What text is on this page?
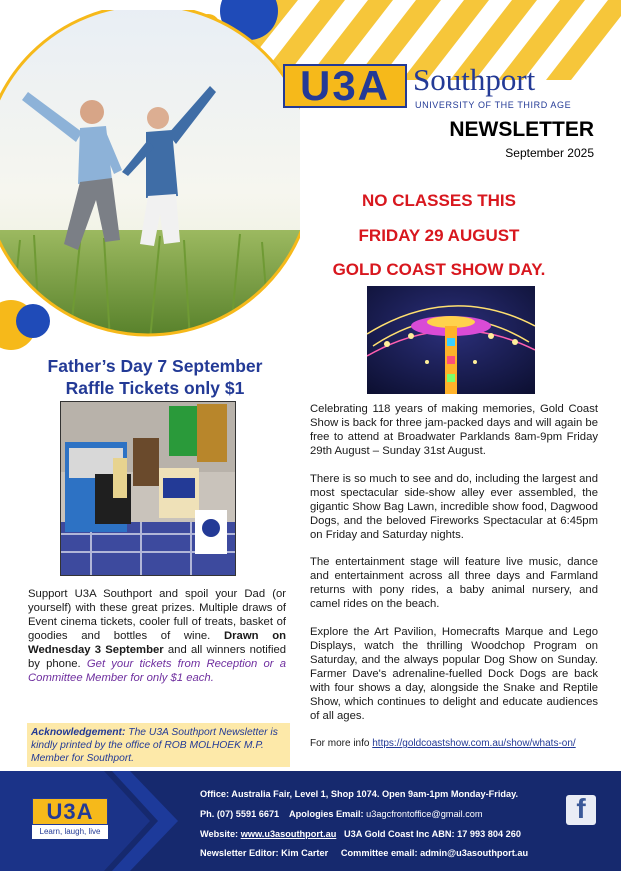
U3A Southport
UNIVERSITY OF THE THIRD AGE
NEWSLETTER
September 2025
NO CLASSES THIS
FRIDAY 29 AUGUST
GOLD COAST SHOW DAY.
Celebrating 118 years of making memories, Gold Coast Show is back for three jam-packed days and will again be free to attend at Broadwater Parklands 8am-9pm Friday 29th August – Sunday 31st August.
There is so much to see and do, including the largest and most spectacular side-show alley ever assembled, the gigantic Show Bag Lawn, incredible show food, Dagwood Dogs, and the beloved Fireworks Spectacular at 6:45pm on Friday and Saturday nights.
The entertainment stage will feature live music, dance and entertainment across all three days and Farmland returns with pony rides, a baby animal nursery, and camel rides on the beach.
Explore the Art Pavilion, Homecrafts Marque and Lego Displays, watch the thrilling Woodchop Program on Saturday, and the always popular Dog Show on Sunday. Farmer Dave's adrenaline-fuelled Dock Dogs are back with four shows a day, alongside the Snake and Reptile Show, which continues to delight and educate audiences of all ages.
For more info https://goldcoastshow.com.au/show/whats-on/
Father’s Day 7 September
Raffle Tickets only $1
Support U3A Southport and spoil your Dad (or yourself) with these great prizes. Multiple draws of Event cinema tickets, cooler full of treats, basket of goodies and bottles of wine. Drawn on Wednesday 3 September and all winners notified by phone. Get your tickets from Reception or a Committee Member for only $1 each.
Acknowledgement: The U3A Southport Newsletter is kindly printed by the office of ROB MOLHOEK M.P. Member for Southport.
U3A
Learn, laugh, live
Office: Australia Fair, Level 1, Shop 1074. Open 9am-1pm Monday-Friday.
Ph. (07) 5591 6671 Apologies Email: u3agcfrontoffice@gmail.com
Website: www.u3asouthport.au U3A Gold Coast Inc ABN: 17 993 804 260
Newsletter Editor: Kim Carter Committee email: admin@u3asouthport.au
f
